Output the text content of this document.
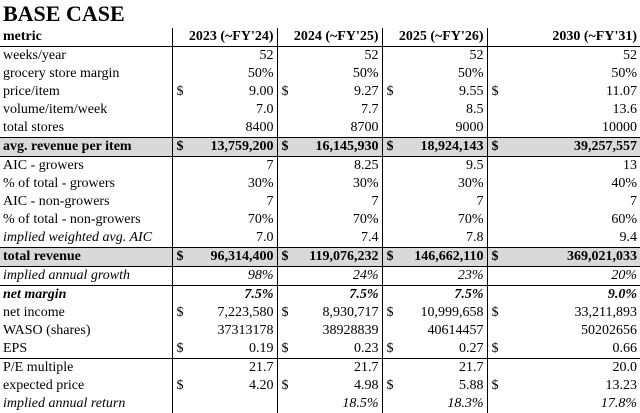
BASE CASE
metric	2023 (~FY'24)		2024 (~FY'25)		2025 (~FY'26)		2030 (~FY'31)	
weeks/year		52		52		52		52
grocery store margin		50%		50%		50%		50%
price/item	$	9.00	$	9.27	$	9.55	$	11.07
volume/item/week		7.0		7.7		8.5		13.6
total stores		8400		8700		9000		10000
avg. revenue per item	$	13,759,200	$	16,145,930	$	18,924,143	$	39,257,557
AIC - growers		7		8.25		9.5		13
% of total - growers		30%		30%		30%		40%
AIC - non-growers		7		7		7		7
% of total - non-growers		70%		70%		70%		60%
implied weighted avg. AIC		7.0		7.4		7.8		9.4
total revenue	$	96,314,400	$	119,076,232	$	146,662,110	$	369,021,033
implied annual growth		98%		24%		23%		20%
net margin		7.5%		7.5%		7.5%		9.0%
net income	$	7,223,580	$	8,930,717	$	10,999,658	$	33,211,893
WASO (shares)		37313178		38928839		40614457		50202656
EPS	$	0.19	$	0.23	$	0.27	$	0.66
P/E multiple		21.7		21.7		21.7		20.0
expected price	$	4.20	$	4.98	$	5.88	$	13.23
implied annual return				18.5%		18.3%		17.8%
